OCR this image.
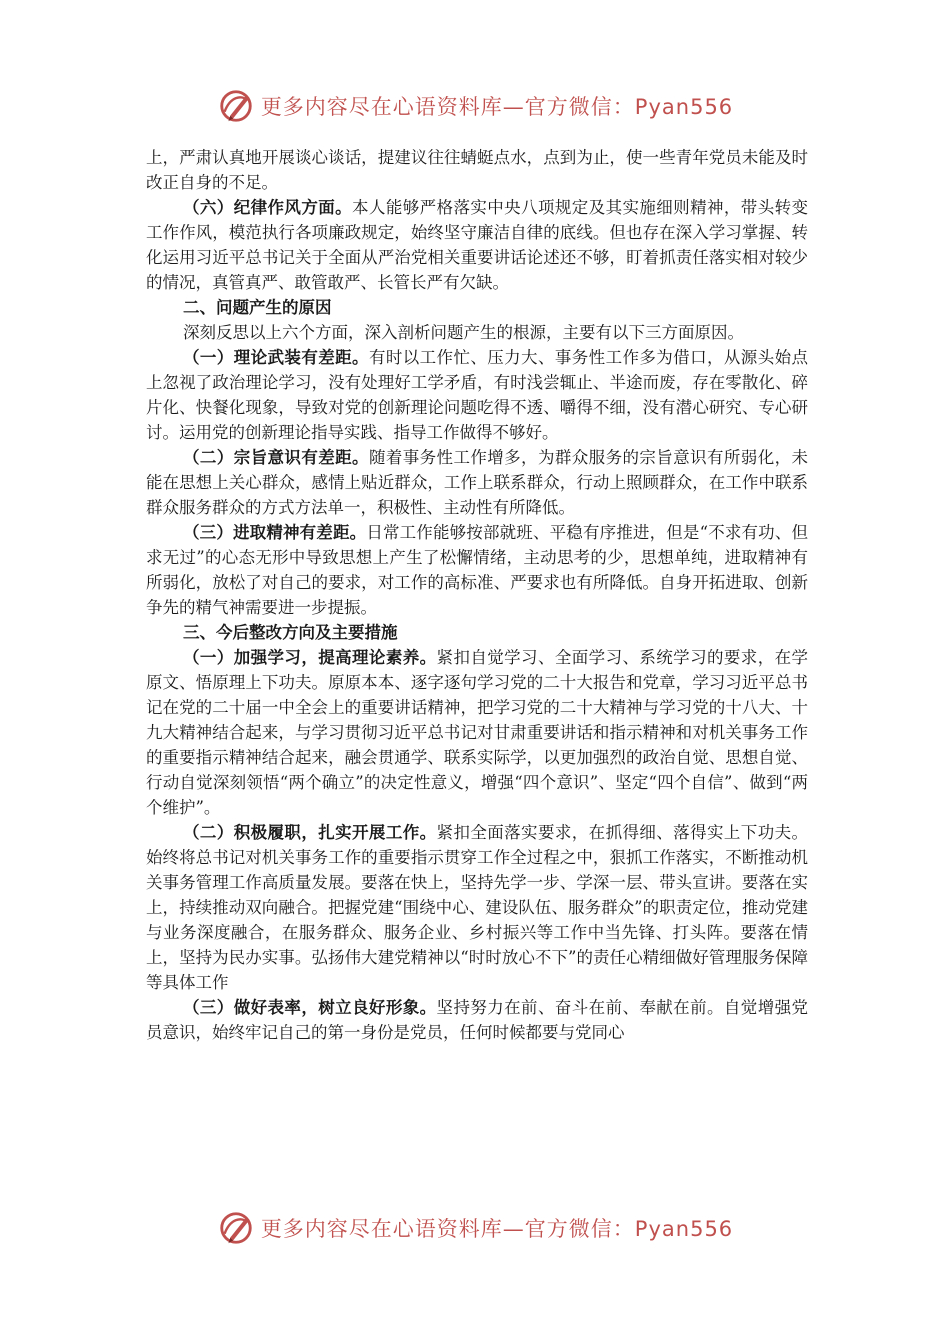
更多内容尽在心语资料库—官方微信：Pyan556

上，严肃认真地开展谈心谈话，提建议往往蜻蜓点水，点到为止，使一些青年党员未能及时改正自身的不足。

（六）纪律作风方面。本人能够严格落实中央八项规定及其实施细则精神，带头转变工作作风，模范执行各项廉政规定，始终坚守廉洁自律的底线。但也存在深入学习掌握、转化运用习近平总书记关于全面从严治党相关重要讲话论述还不够，盯着抓责任落实相对较少的情况，真管真严、敢管敢严、长管长严有欠缺。

二、问题产生的原因

深刻反思以上六个方面，深入剖析问题产生的根源，主要有以下三方面原因。

（一）理论武装有差距。有时以工作忙、压力大、事务性工作多为借口，从源头始点上忽视了政治理论学习，没有处理好工学矛盾，有时浅尝辄止、半途而废，存在零散化、碎片化、快餐化现象，导致对党的创新理论问题吃得不透、嚼得不细，没有潜心研究、专心研讨。运用党的创新理论指导实践、指导工作做得不够好。

（二）宗旨意识有差距。随着事务性工作增多，为群众服务的宗旨意识有所弱化，未能在思想上关心群众，感情上贴近群众，工作上联系群众，行动上照顾群众，在工作中联系群众服务群众的方式方法单一，积极性、主动性有所降低。

（三）进取精神有差距。日常工作能够按部就班、平稳有序推进，但是“不求有功、但求无过”的心态无形中导致思想上产生了松懈情绪，主动思考的少，思想单纯，进取精神有所弱化，放松了对自己的要求，对工作的高标准、严要求也有所降低。自身开拓进取、创新争先的精气神需要进一步提振。

三、今后整改方向及主要措施

（一）加强学习，提高理论素养。紧扣自觉学习、全面学习、系统学习的要求，在学原文、悟原理上下功夫。原原本本、逐字逐句学习党的二十大报告和党章，学习习近平总书记在党的二十届一中全会上的重要讲话精神，把学习党的二十大精神与学习党的十八大、十九大精神结合起来，与学习贯彻习近平总书记对甘肃重要讲话和指示精神和对机关事务工作的重要指示精神结合起来，融会贯通学、联系实际学，以更加强烈的政治自觉、思想自觉、行动自觉深刻领悟“两个确立”的决定性意义，增强“四个意识”、坚定“四个自信”、做到“两个维护”。

（二）积极履职，扎实开展工作。紧扣全面落实要求，在抓得细、落得实上下功夫。始终将总书记对机关事务工作的重要指示贯穿工作全过程之中，狠抓工作落实，不断推动机关事务管理工作高质量发展。要落在快上，坚持先学一步、学深一层、带头宣讲。要落在实上，持续推动双向融合。把握党建“围绕中心、建设队伍、服务群众”的职责定位，推动党建与业务深度融合，在服务群众、服务企业、乡村振兴等工作中当先锋、打头阵。要落在情上，坚持为民办实事。弘扬伟大建党精神以“时时放心不下”的责任心精细做好管理服务保障等具体工作

（三）做好表率，树立良好形象。坚持努力在前、奋斗在前、奉献在前。自觉增强党员意识，始终牢记自己的第一身份是党员，任何时候都要与党同心

更多内容尽在心语资料库—官方微信：Pyan556
